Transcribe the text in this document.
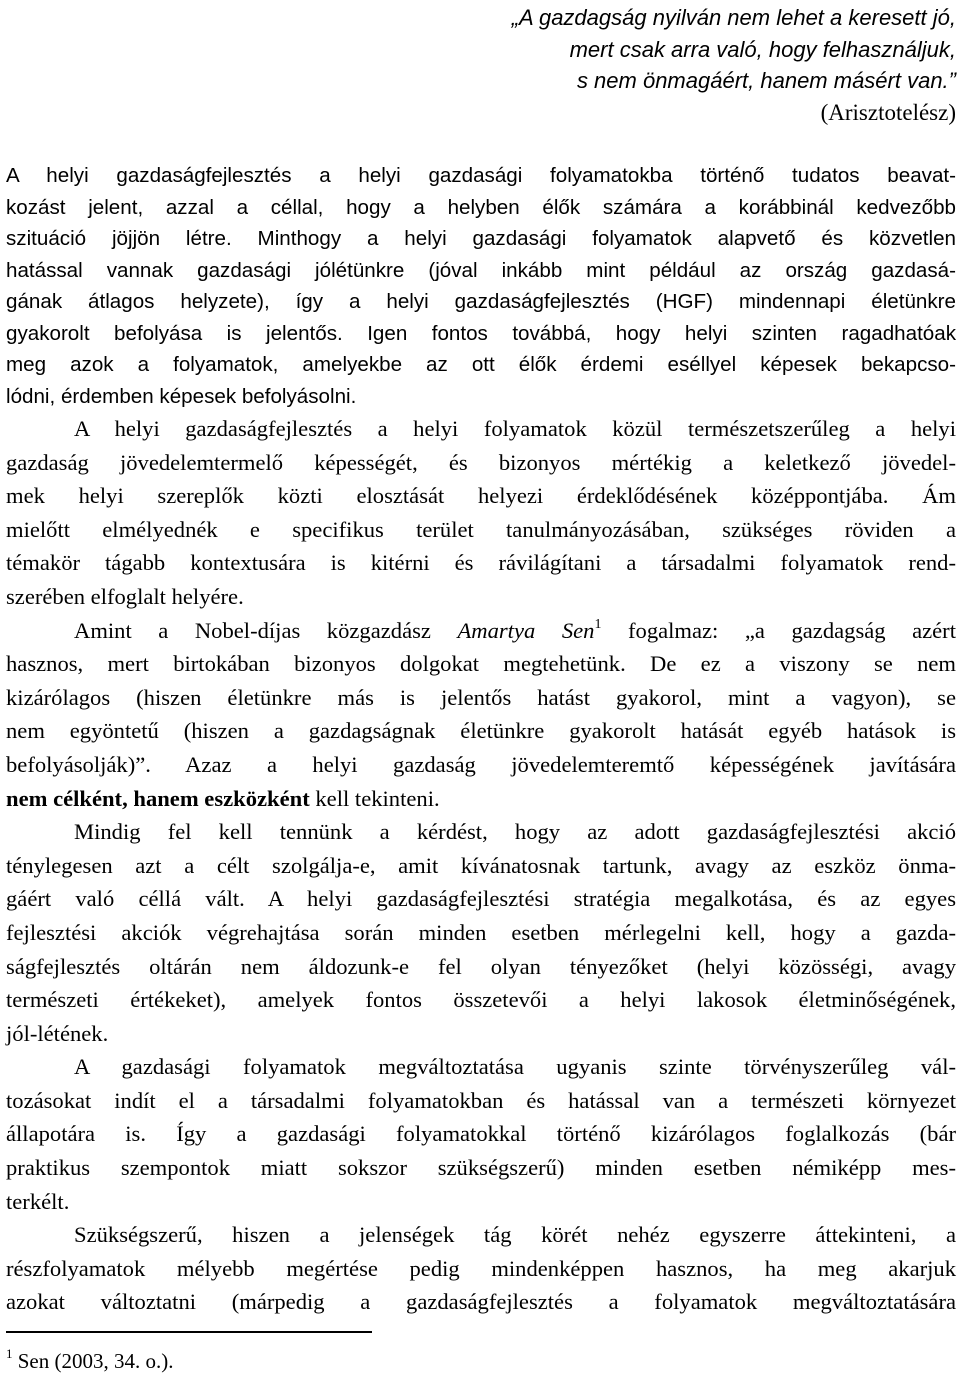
„A gazdagság nyilván nem lehet a keresett jó,
mert csak arra való, hogy felhasználjuk,
s nem önmagáért, hanem másért van.”
(Arisztotelész)
A helyi gazdaságfejlesztés a helyi gazdasági folyamatokba történő tudatos beavat-
kozást jelent, azzal a céllal, hogy a helyben élők számára a korábbinál kedvezőbb
szituáció jöjjön létre. Minthogy a helyi gazdasági folyamatok alapvető és közvetlen
hatással vannak gazdasági jólétünkre (jóval inkább mint például az ország gazdasá-
gának átlagos helyzete), így a helyi gazdaságfejlesztés (HGF) mindennapi életünkre
gyakorolt befolyása is jelentős. Igen fontos továbbá, hogy helyi szinten ragadhatóak
meg azok a folyamatok, amelyekbe az ott élők érdemi eséllyel képesek bekapcso-
lódni, érdemben képesek befolyásolni.
A helyi gazdaságfejlesztés a helyi folyamatok közül természetszerűleg a helyi
gazdaság jövedelemtermelő képességét, és bizonyos mértékig a keletkező jövedel-
mek helyi szereplők közti elosztását helyezi érdeklődésének középpontjába. Ám
mielőtt elmélyednék e specifikus terület tanulmányozásában, szükséges röviden a
témakör tágabb kontextusára is kitérni és rávilágítani a társadalmi folyamatok rend-
szerében elfoglalt helyére.
Amint a Nobel-díjas közgazdász Amartya Sen$^1$ fogalmaz: „a gazdagság azért
hasznos, mert birtokában bizonyos dolgokat megtehetünk. De ez a viszony se nem
kizárólagos (hiszen életünkre más is jelentős hatást gyakorol, mint a vagyon), se
nem egyöntetű (hiszen a gazdagságnak életünkre gyakorolt hatását egyéb hatások is
befolyásolják)”. Azaz a helyi gazdaság jövedelemteremtő képességének javítására
nem célként, hanem eszközként kell tekinteni.
Mindig fel kell tennünk a kérdést, hogy az adott gazdaságfejlesztési akció
ténylegesen azt a célt szolgálja-e, amit kívánatosnak tartunk, avagy az eszköz önma-
gáért való céllá vált. A helyi gazdaságfejlesztési stratégia megalkotása, és az egyes
fejlesztési akciók végrehajtása során minden esetben mérlegelni kell, hogy a gazda-
ságfejlesztés oltárán nem áldozunk-e fel olyan tényezőket (helyi közösségi, avagy
természeti értékeket), amelyek fontos összetevői a helyi lakosok életminőségének,
jól-létének.
A gazdasági folyamatok megváltoztatása ugyanis szinte törvényszerűleg vál-
tozásokat indít el a társadalmi folyamatokban és hatással van a természeti környezet
állapotára is. Így a gazdasági folyamatokkal történő kizárólagos foglalkozás (bár
praktikus szempontok miatt sokszor szükségszerű) minden esetben némiképp mes-
terkélt.
Szükségszerű, hiszen a jelenségek tág körét nehéz egyszerre áttekinteni, a
részfolyamatok mélyebb megértése pedig mindenképpen hasznos, ha meg akarjuk
azokat változtatni (márpedig a gazdaságfejlesztés a folyamatok megváltoztatására
$^1$ Sen (2003, 34. o.).
